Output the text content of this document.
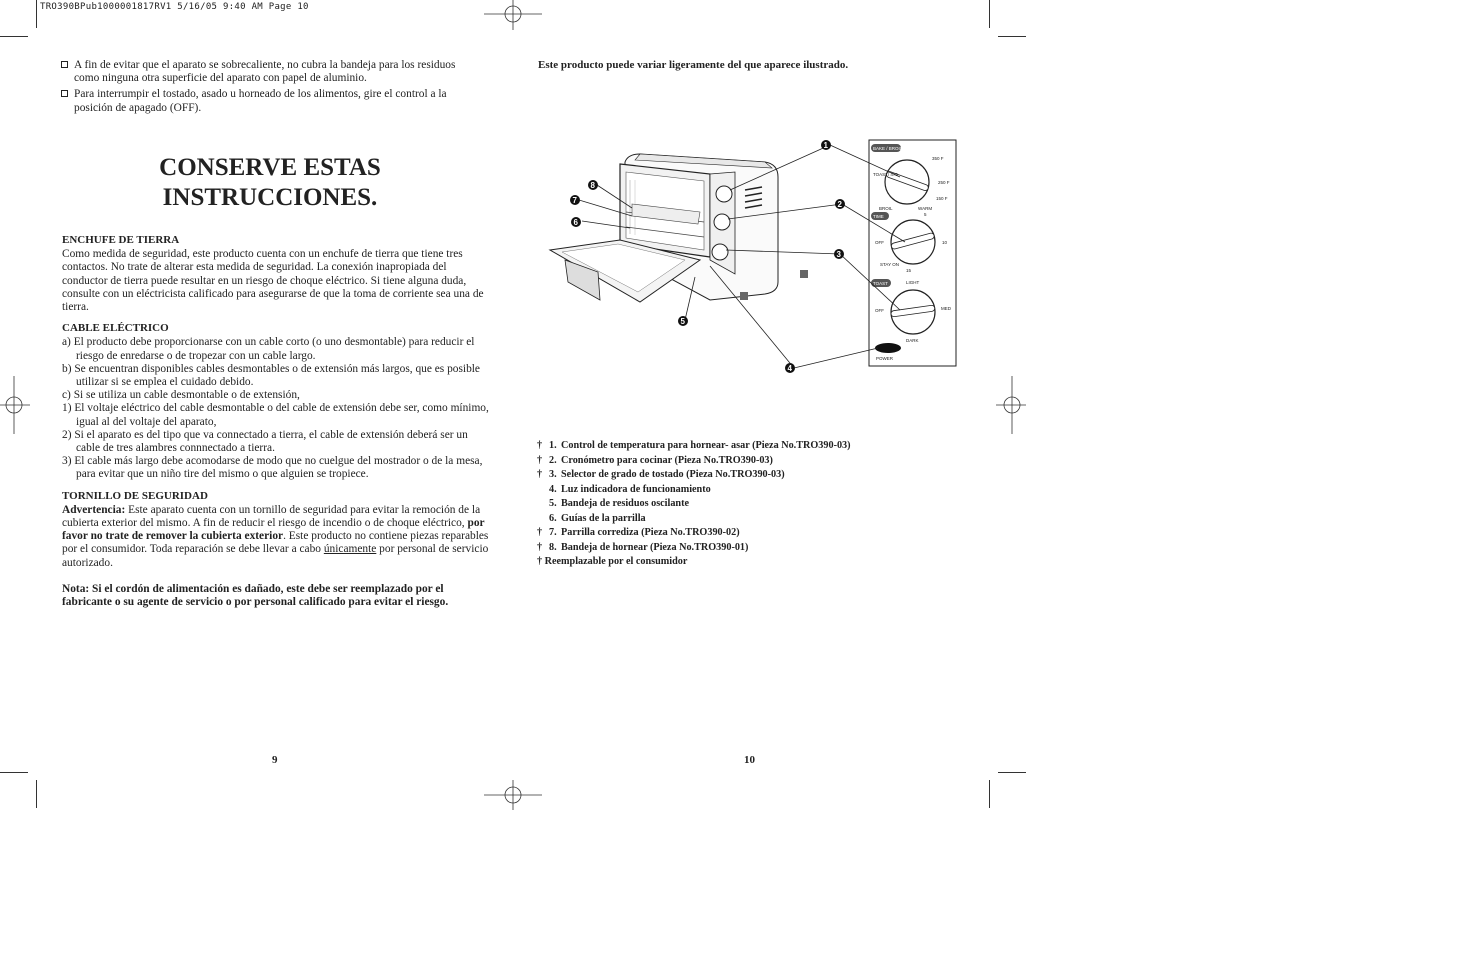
TRO390BPub1000001817RV1 5/16/05 9:40 AM Page 10
A fin de evitar que el aparato se sobrecaliente, no cubra la bandeja para los residuos como ninguna otra superficie del aparato con papel de aluminio.
Para interrumpir el tostado, asado u horneado de los alimentos, gire el control a la posición de apagado (OFF).
CONSERVE ESTAS
INSTRUCCIONES.
ENCHUFE DE TIERRA

Como medida de seguridad, este producto cuenta con un enchufe de tierra que tiene tres contactos. No trate de alterar esta medida de seguridad. La conexión inapropiada del conductor de tierra puede resultar en un riesgo de choque eléctrico. Si tiene alguna duda, consulte con un eléctricista calificado para asegurarse de que la toma de corriente sea una de tierra.

CABLE ELÉCTRICO

a) El producto debe proporcionarse con un cable corto (o uno desmontable) para reducir el riesgo de enredarse o de tropezar con un cable largo.

b) Se encuentran disponibles cables desmontables o de extensión más largos, que es posible utilizar si se emplea el cuidado debido.

c) Si se utiliza un cable desmontable o de extensión,

1) El voltaje eléctrico del cable desmontable o del cable de extensión debe ser, como mínimo, igual al del voltaje del aparato,

2) Si el aparato es del tipo que va connectado a tierra, el cable de extensión deberá ser un cable de tres alambres connnectado a tierra.

3) El cable más largo debe acomodarse de modo que no cuelgue del mostrador o de la mesa, para evitar que un niño tire del mismo o que alguien se tropiece.

TORNILLO DE SEGURIDAD

Advertencia: Este aparato cuenta con un tornillo de seguridad para evitar la remoción de la cubierta exterior del mismo. A fin de reducir el riesgo de incendio o de choque eléctrico, por favor no trate de remover la cubierta exterior. Este producto no contiene piezas reparables por el consumidor. Toda reparación se debe llevar a cabo únicamente por personal de servicio autorizado.

Nota: Si el cordón de alimentación es dañado, este debe ser reemplazado por el fabricante o su agente de servicio o por personal calificado para evitar el riesgo.

9
Este producto puede variar ligeramente del que aparece ilustrado.
BAKE / BROIL
TOAST/ 475
BROIL
350 F
250 F
150 F
WARM
TIME
OFF
STAY ON
10
15
5
TOAST	LIGHT
MED
DARK
OFF
POWER
1
2
3
4
5
6
7
8
† 1. Control de temperatura para hornear- asar (Pieza No.TRO390-03)
† 2. Cronómetro para cocinar (Pieza No.TRO390-03)
† 3. Selector de grado de tostado (Pieza No.TRO390-03)
4. Luz indicadora de funcionamiento
5. Bandeja de residuos oscilante
6. Guías de la parrilla
† 7. Parrilla corrediza (Pieza No.TRO390-02)
† 8. Bandeja de hornear (Pieza No.TRO390-01)
† Reemplazable por el consumidor
10
